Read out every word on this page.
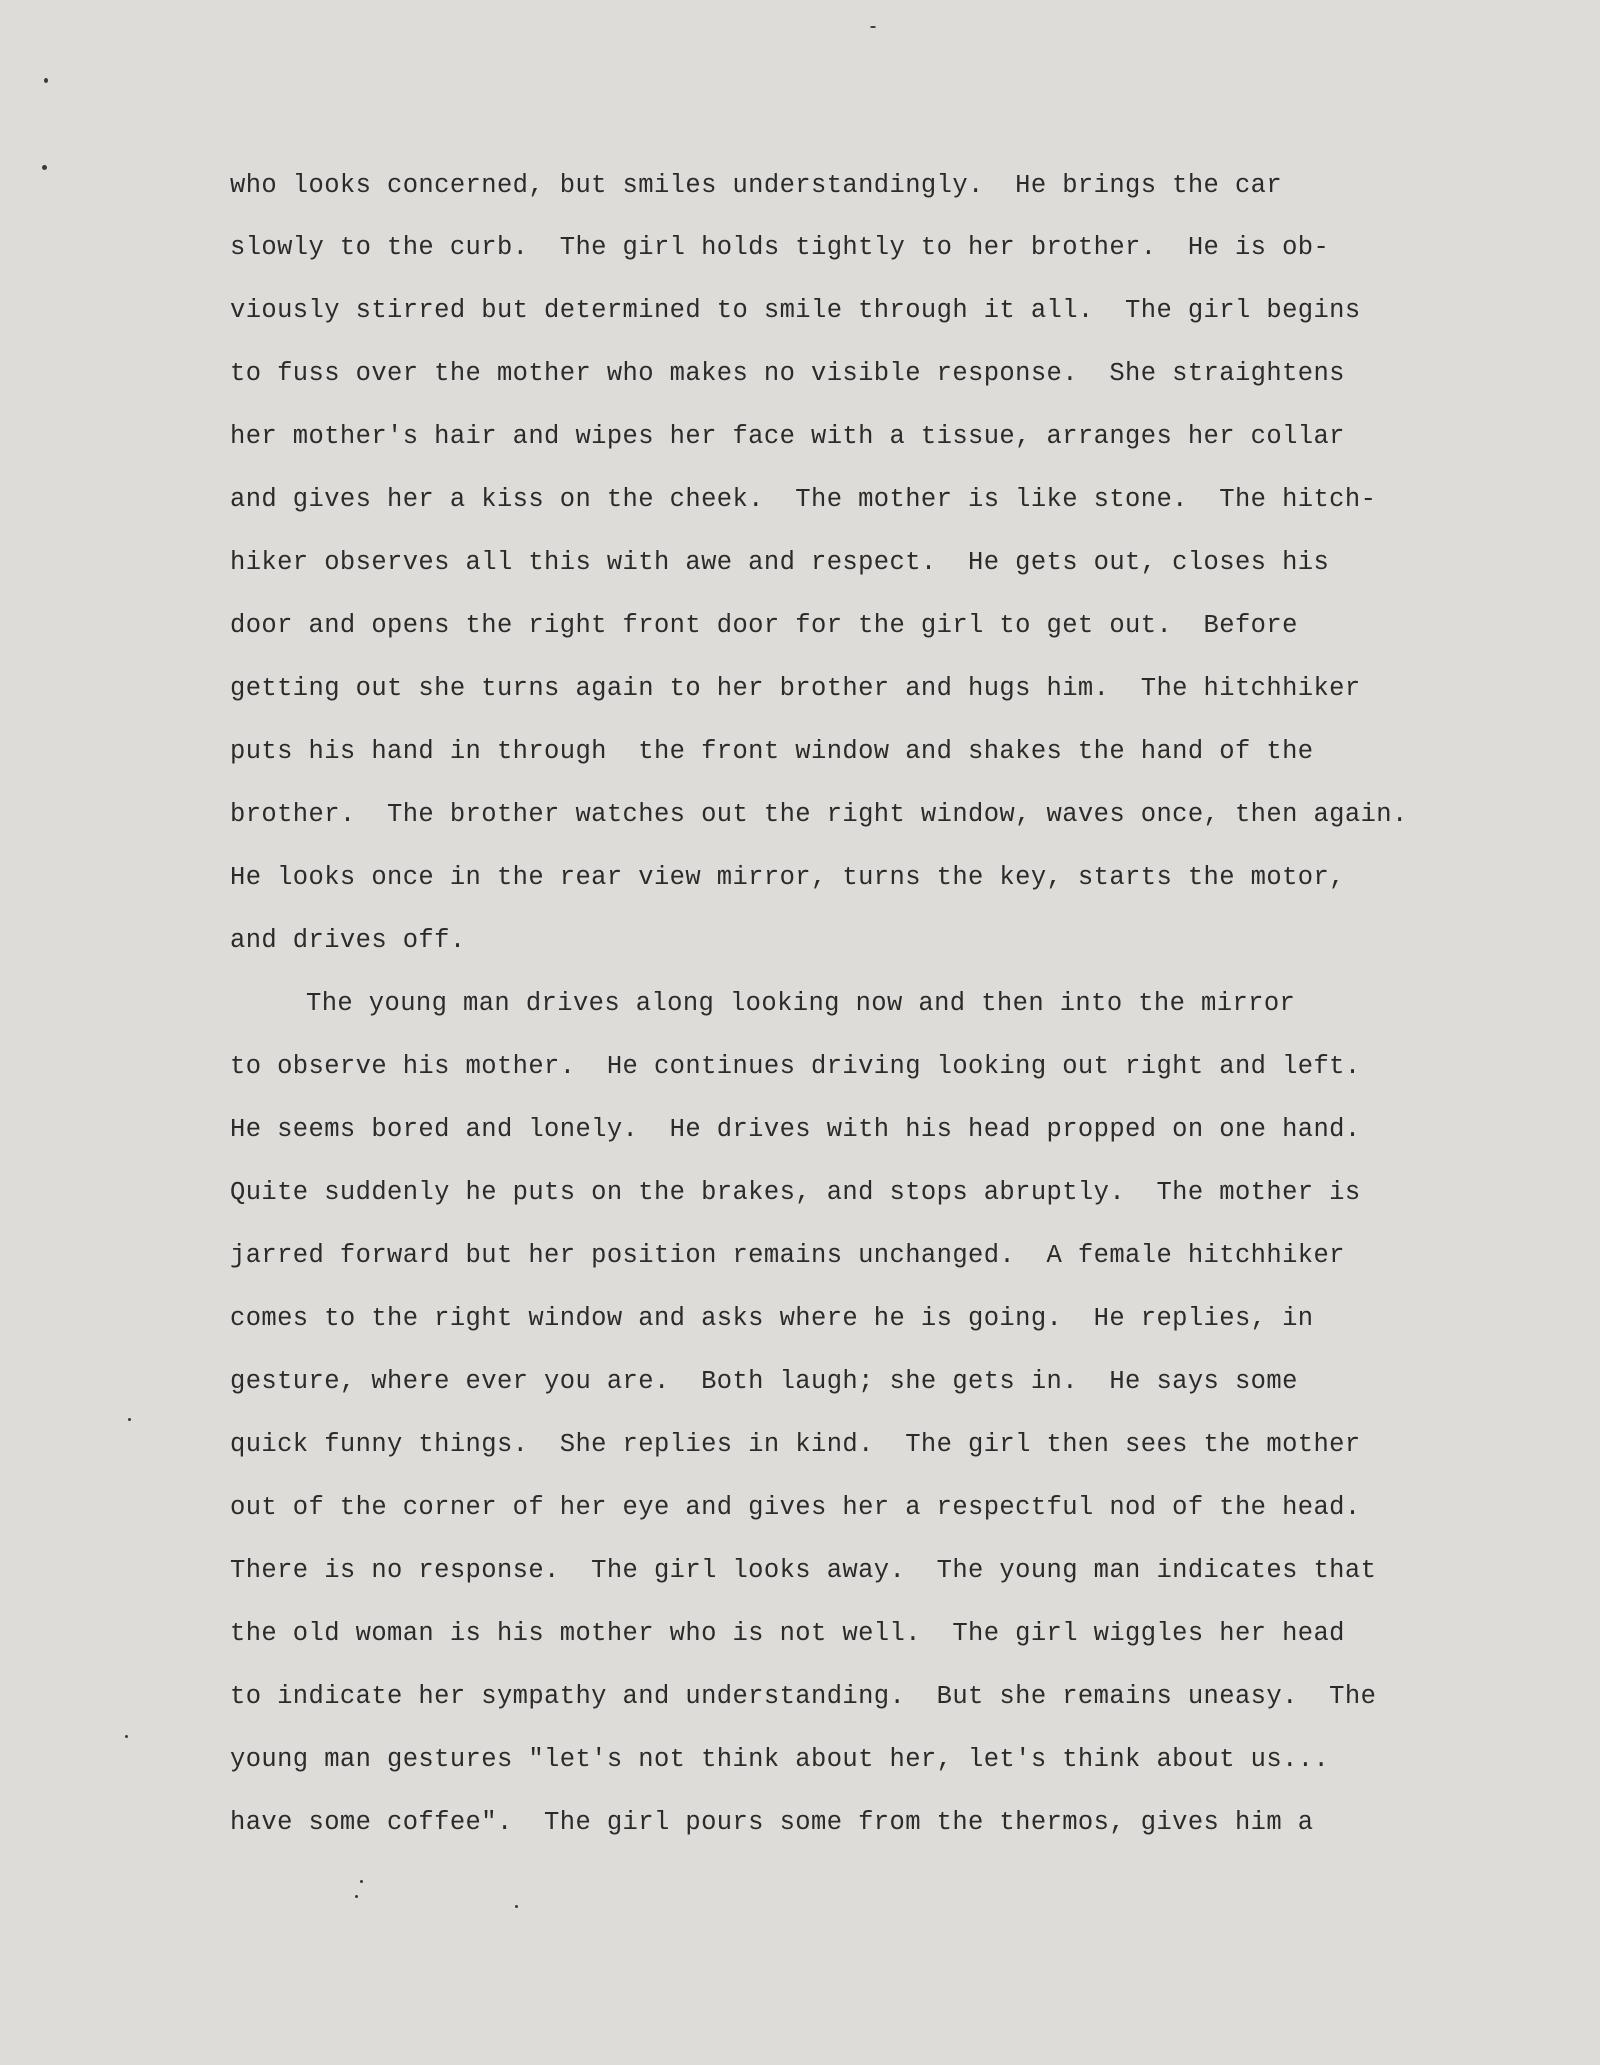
who looks concerned, but smiles understandingly.  He brings the car
slowly to the curb.  The girl holds tightly to her brother.  He is ob-
viously stirred but determined to smile through it all.  The girl begins
to fuss over the mother who makes no visible response.  She straightens
her mother's hair and wipes her face with a tissue, arranges her collar
and gives her a kiss on the cheek.  The mother is like stone.  The hitch-
hiker observes all this with awe and respect.  He gets out, closes his
door and opens the right front door for the girl to get out.  Before
getting out she turns again to her brother and hugs him.  The hitchhiker
puts his hand in through  the front window and shakes the hand of the
brother.  The brother watches out the right window, waves once, then again.
He looks once in the rear view mirror, turns the key, starts the motor,
and drives off.
The young man drives along looking now and then into the mirror
to observe his mother.  He continues driving looking out right and left.
He seems bored and lonely.  He drives with his head propped on one hand.
Quite suddenly he puts on the brakes, and stops abruptly.  The mother is
jarred forward but her position remains unchanged.  A female hitchhiker
comes to the right window and asks where he is going.  He replies, in
gesture, where ever you are.  Both laugh; she gets in.  He says some
quick funny things.  She replies in kind.  The girl then sees the mother
out of the corner of her eye and gives her a respectful nod of the head.
There is no response.  The girl looks away.  The young man indicates that
the old woman is his mother who is not well.  The girl wiggles her head
to indicate her sympathy and understanding.  But she remains uneasy.  The
young man gestures "let's not think about her, let's think about us...
have some coffee".  The girl pours some from the thermos, gives him a
